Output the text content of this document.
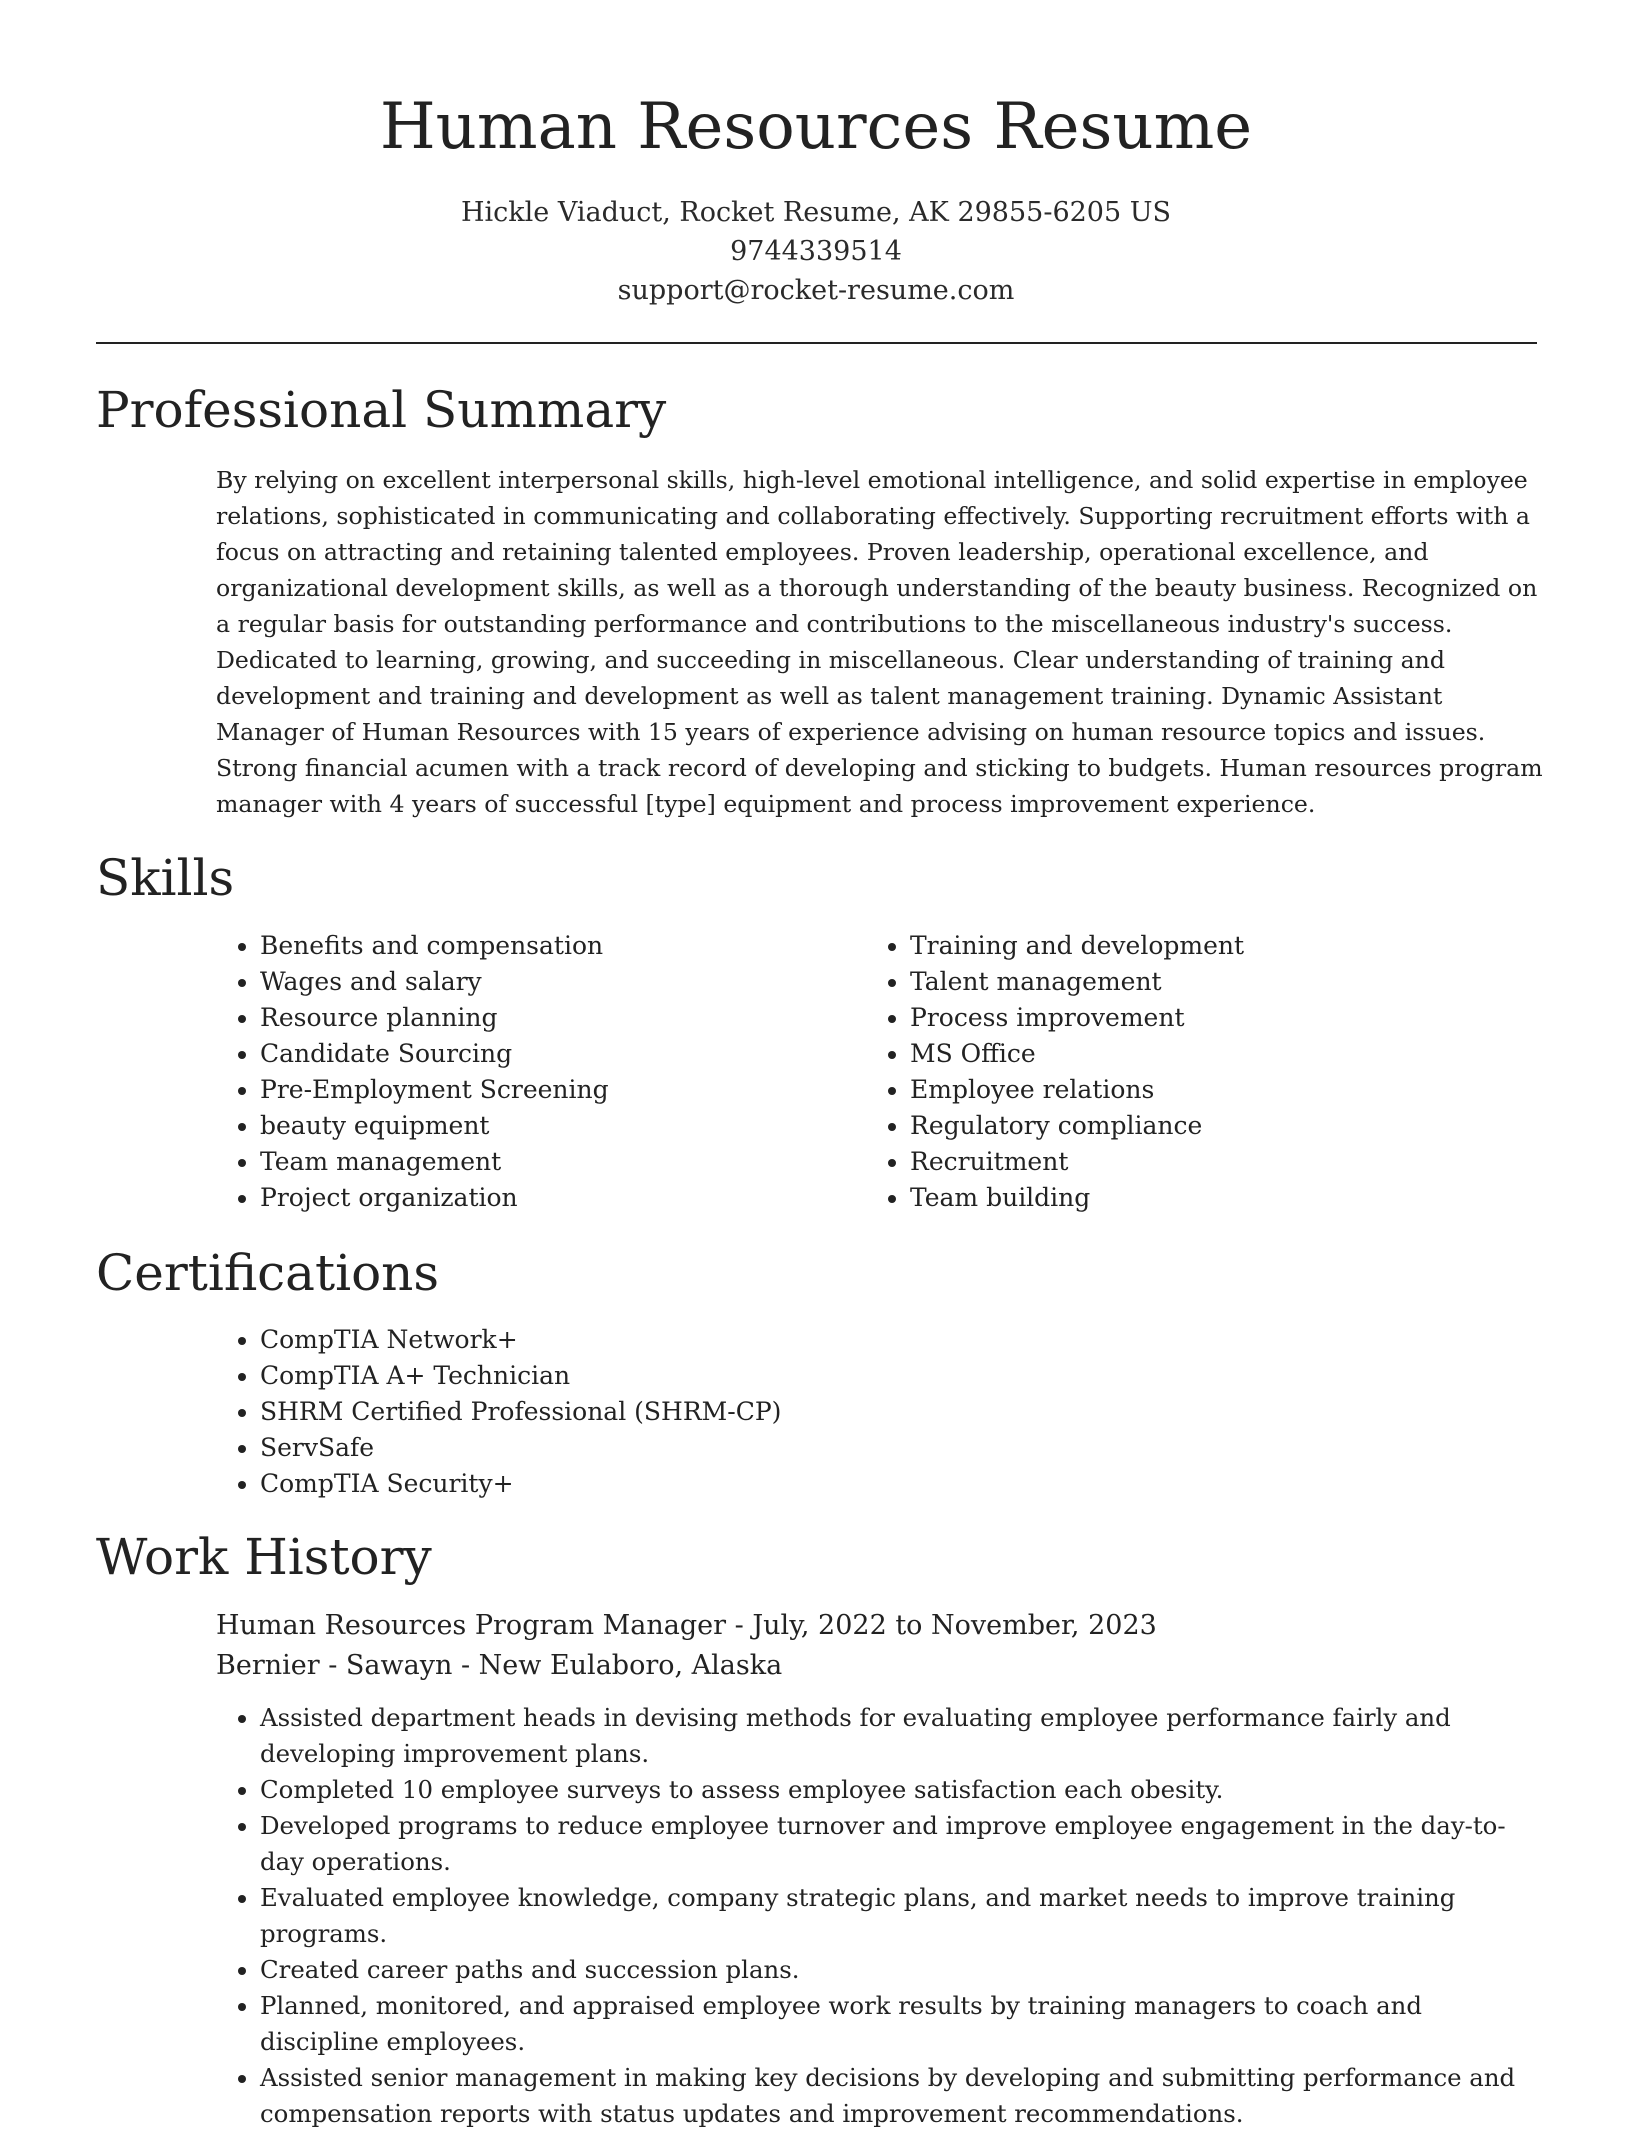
Human Resources Resume
Hickle Viaduct, Rocket Resume, AK 29855-6205 US
9744339514
support@rocket-resume.com
Professional Summary
By relying on excellent interpersonal skills, high-level emotional intelligence, and solid expertise in employee relations, sophisticated in communicating and collaborating effectively. Supporting recruitment efforts with a focus on attracting and retaining talented employees. Proven leadership, operational excellence, and organizational development skills, as well as a thorough understanding of the beauty business. Recognized on a regular basis for outstanding performance and contributions to the miscellaneous industry's success. Dedicated to learning, growing, and succeeding in miscellaneous. Clear understanding of training and development and training and development as well as talent management training. Dynamic Assistant Manager of Human Resources with 15 years of experience advising on human resource topics and issues. Strong financial acumen with a track record of developing and sticking to budgets. Human resources program manager with 4 years of successful [type] equipment and process improvement experience.
Skills
• Benefits and compensation
• Wages and salary
• Resource planning
• Candidate Sourcing
• Pre-Employment Screening
• beauty equipment
• Team management
• Project organization
• Training and development
• Talent management
• Process improvement
• MS Office
• Employee relations
• Regulatory compliance
• Recruitment
• Team building
Certifications
• CompTIA Network+
• CompTIA A+ Technician
• SHRM Certified Professional (SHRM-CP)
• ServSafe
• CompTIA Security+
Work History
Human Resources Program Manager - July, 2022 to November, 2023
Bernier - Sawayn - New Eulaboro, Alaska
• Assisted department heads in devising methods for evaluating employee performance fairly and developing improvement plans.
• Completed 10 employee surveys to assess employee satisfaction each obesity.
• Developed programs to reduce employee turnover and improve employee engagement in the day-to-day operations.
• Evaluated employee knowledge, company strategic plans, and market needs to improve training programs.
• Created career paths and succession plans.
• Planned, monitored, and appraised employee work results by training managers to coach and discipline employees.
• Assisted senior management in making key decisions by developing and submitting performance and compensation reports with status updates and improvement recommendations.
